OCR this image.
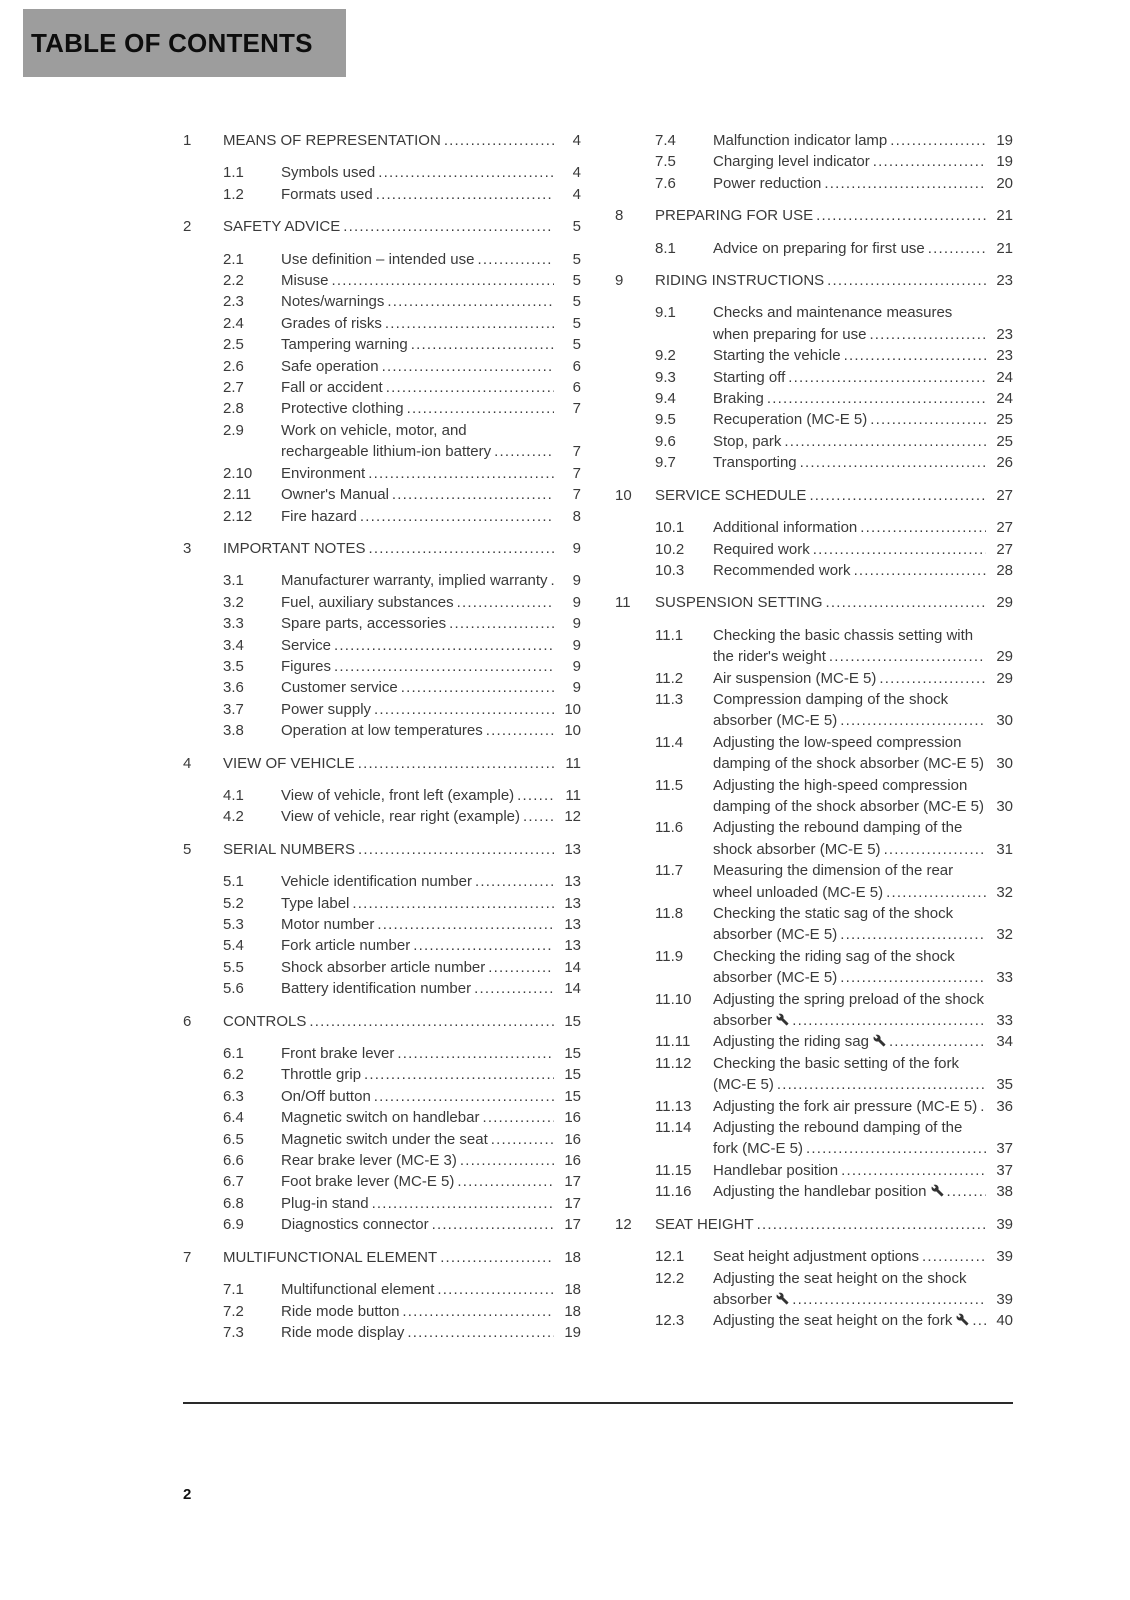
TABLE OF CONTENTS
1	MEANS OF REPRESENTATION .....	4
1.1	Symbols used .....	4
1.2	Formats used .....	4
2	SAFETY ADVICE .....	5
2.1	Use definition – intended use .....	5
2.2	Misuse .....	5
2.3	Notes/warnings .....	5
2.4	Grades of risks .....	5
2.5	Tampering warning .....	5
2.6	Safe operation .....	6
2.7	Fall or accident .....	6
2.8	Protective clothing .....	7
2.9	Work on vehicle, motor, and rechargeable lithium-ion battery .....	7
2.10	Environment .....	7
2.11	Owner's Manual .....	7
2.12	Fire hazard .....	8
3	IMPORTANT NOTES .....	9
3.1	Manufacturer warranty, implied warranty .....	9
3.2	Fuel, auxiliary substances .....	9
3.3	Spare parts, accessories .....	9
3.4	Service .....	9
3.5	Figures .....	9
3.6	Customer service .....	9
3.7	Power supply .....	10
3.8	Operation at low temperatures .....	10
4	VIEW OF VEHICLE .....	11
4.1	View of vehicle, front left (example) .....	11
4.2	View of vehicle, rear right (example) .....	12
5	SERIAL NUMBERS .....	13
5.1	Vehicle identification number .....	13
5.2	Type label .....	13
5.3	Motor number .....	13
5.4	Fork article number .....	13
5.5	Shock absorber article number .....	14
5.6	Battery identification number .....	14
6	CONTROLS .....	15
6.1	Front brake lever .....	15
6.2	Throttle grip .....	15
6.3	On/Off button .....	15
6.4	Magnetic switch on handlebar .....	16
6.5	Magnetic switch under the seat .....	16
6.6	Rear brake lever (MC-E 3) .....	16
6.7	Foot brake lever (MC-E 5) .....	17
6.8	Plug-in stand .....	17
6.9	Diagnostics connector .....	17
7	MULTIFUNCTIONAL ELEMENT .....	18
7.1	Multifunctional element .....	18
7.2	Ride mode button .....	18
7.3	Ride mode display .....	19
7.4	Malfunction indicator lamp .....	19
7.5	Charging level indicator .....	19
7.6	Power reduction .....	20
8	PREPARING FOR USE .....	21
8.1	Advice on preparing for first use .....	21
9	RIDING INSTRUCTIONS .....	23
9.1	Checks and maintenance measures when preparing for use .....	23
9.2	Starting the vehicle .....	23
9.3	Starting off .....	24
9.4	Braking .....	24
9.5	Recuperation (MC-E 5) .....	25
9.6	Stop, park .....	25
9.7	Transporting .....	26
10	SERVICE SCHEDULE .....	27
10.1	Additional information .....	27
10.2	Required work .....	27
10.3	Recommended work .....	28
11	SUSPENSION SETTING .....	29
11.1	Checking the basic chassis setting with the rider's weight .....	29
11.2	Air suspension (MC-E 5) .....	29
11.3	Compression damping of the shock absorber (MC-E 5) .....	30
11.4	Adjusting the low-speed compression damping of the shock absorber (MC-E 5) ..... 30
11.5	Adjusting the high-speed compression damping of the shock absorber (MC-E 5) ..... 30
11.6	Adjusting the rebound damping of the shock absorber (MC-E 5) .....	31
11.7	Measuring the dimension of the rear wheel unloaded (MC-E 5) .....	32
11.8	Checking the static sag of the shock absorber (MC-E 5) .....	32
11.9	Checking the riding sag of the shock absorber (MC-E 5) .....	33
11.10	Adjusting the spring preload of the shock absorber .....	33
11.11	Adjusting the riding sag .....	34
11.12	Checking the basic setting of the fork (MC-E 5) .....	35
11.13	Adjusting the fork air pressure (MC-E 5) .....	36
11.14	Adjusting the rebound damping of the fork (MC-E 5) .....	37
11.15	Handlebar position .....	37
11.16	Adjusting the handlebar position .....	38
12	SEAT HEIGHT .....	39
12.1	Seat height adjustment options .....	39
12.2	Adjusting the seat height on the shock absorber .....	39
12.3	Adjusting the seat height on the fork .....	40
2
